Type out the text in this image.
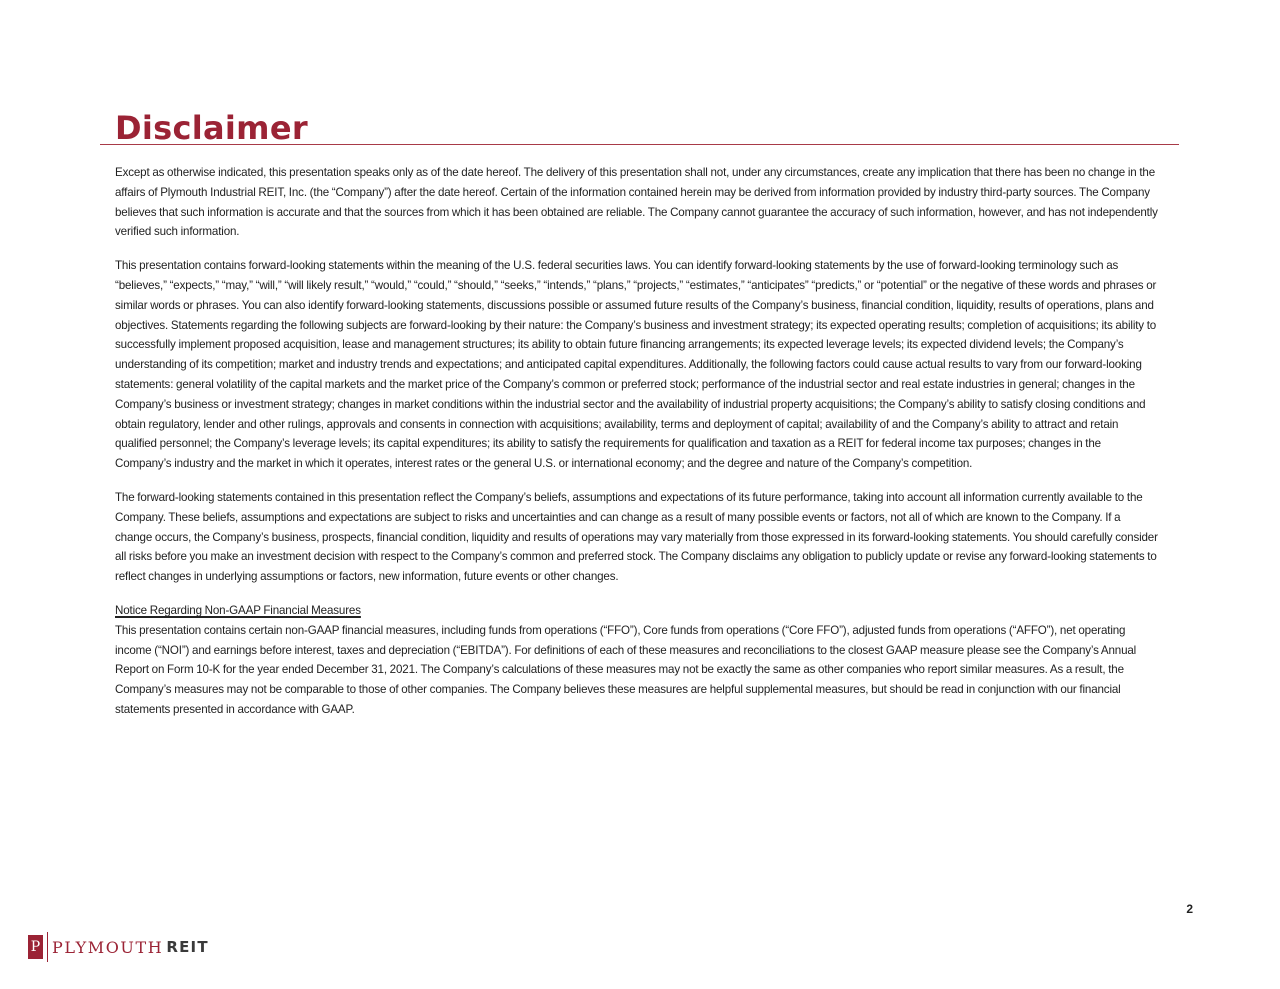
Disclaimer

Except as otherwise indicated, this presentation speaks only as of the date hereof. The delivery of this presentation shall not, under any circumstances, create any implication that there has been no change in the affairs of Plymouth Industrial REIT, Inc. (the “Company”) after the date hereof. Certain of the information contained herein may be derived from information provided by industry third-party sources. The Company believes that such information is accurate and that the sources from which it has been obtained are reliable. The Company cannot guarantee the accuracy of such information, however, and has not independently verified such information.

This presentation contains forward-looking statements within the meaning of the U.S. federal securities laws. You can identify forward-looking statements by the use of forward-looking terminology such as “believes,” “expects,” “may,” “will,” “will likely result,” “would,” “could,” “should,” “seeks,” “intends,” “plans,” “projects,” “estimates,” “anticipates” “predicts,” or “potential” or the negative of these words and phrases or similar words or phrases. You can also identify forward-looking statements, discussions possible or assumed future results of the Company’s business, financial condition, liquidity, results of operations, plans and objectives. Statements regarding the following subjects are forward-looking by their nature: the Company’s business and investment strategy; its expected operating results; completion of acquisitions; its ability to successfully implement proposed acquisition, lease and management structures; its ability to obtain future financing arrangements; its expected leverage levels; its expected dividend levels; the Company’s understanding of its competition; market and industry trends and expectations; and anticipated capital expenditures. Additionally, the following factors could cause actual results to vary from our forward-looking statements: general volatility of the capital markets and the market price of the Company’s common or preferred stock; performance of the industrial sector and real estate industries in general; changes in the Company’s business or investment strategy; changes in market conditions within the industrial sector and the availability of industrial property acquisitions; the Company’s ability to satisfy closing conditions and obtain regulatory, lender and other rulings, approvals and consents in connection with acquisitions; availability, terms and deployment of capital; availability of and the Company’s ability to attract and retain qualified personnel; the Company’s leverage levels; its capital expenditures; its ability to satisfy the requirements for qualification and taxation as a REIT for federal income tax purposes; changes in the Company’s industry and the market in which it operates, interest rates or the general U.S. or international economy; and the degree and nature of the Company’s competition.

The forward-looking statements contained in this presentation reflect the Company’s beliefs, assumptions and expectations of its future performance, taking into account all information currently available to the Company. These beliefs, assumptions and expectations are subject to risks and uncertainties and can change as a result of many possible events or factors, not all of which are known to the Company. If a change occurs, the Company’s business, prospects, financial condition, liquidity and results of operations may vary materially from those expressed in its forward-looking statements. You should carefully consider all risks before you make an investment decision with respect to the Company’s common and preferred stock. The Company disclaims any obligation to publicly update or revise any forward-looking statements to reflect changes in underlying assumptions or factors, new information, future events or other changes.

Notice Regarding Non-GAAP Financial Measures

This presentation contains certain non-GAAP financial measures, including funds from operations (“FFO”), Core funds from operations (“Core FFO”), adjusted funds from operations (“AFFO”), net operating income (“NOI”) and earnings before interest, taxes and depreciation (“EBITDA”). For definitions of each of these measures and reconciliations to the closest GAAP measure please see the Company’s Annual Report on Form 10-K for the year ended December 31, 2021. The Company’s calculations of these measures may not be exactly the same as other companies who report similar measures. As a result, the Company’s measures may not be comparable to those of other companies. The Company believes these measures are helpful supplemental measures, but should be read in conjunction with our financial statements presented in accordance with GAAP.

2
P PLYMOUTH REIT
